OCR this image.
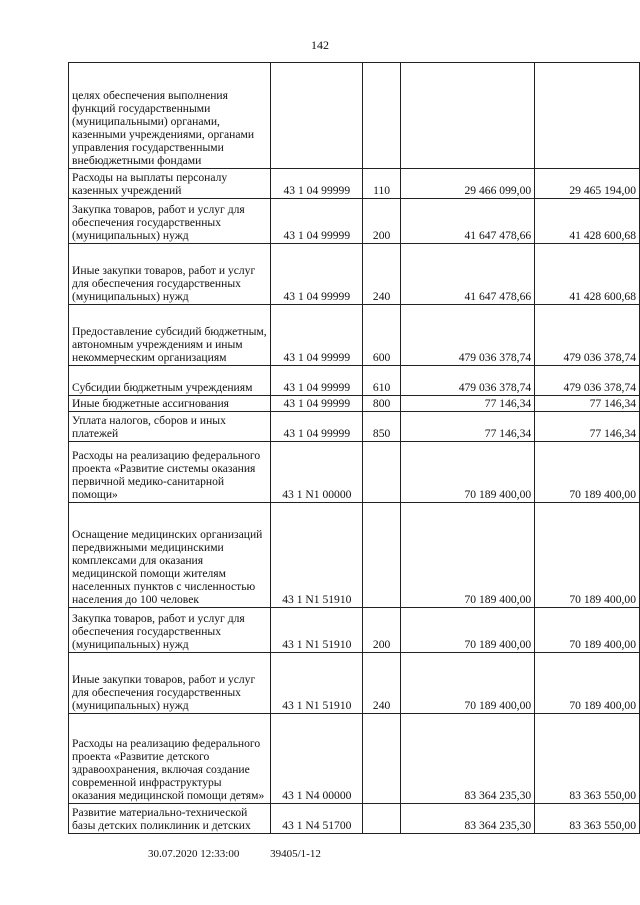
142
целях обеспечения выполнения функций государственными (муниципальными) органами, казенными учреждениями, органами управления государственными внебюджетными фондами				
Расходы на выплаты персоналу казенных учреждений	43 1 04 99999	110	29 466 099,00	29 465 194,00
Закупка товаров, работ и услуг для обеспечения государственных (муниципальных) нужд	43 1 04 99999	200	41 647 478,66	41 428 600,68
Иные закупки товаров, работ и услуг для обеспечения государственных (муниципальных) нужд	43 1 04 99999	240	41 647 478,66	41 428 600,68
Предоставление субсидий бюджетным, автономным учреждениям и иным некоммерческим организациям	43 1 04 99999	600	479 036 378,74	479 036 378,74
Субсидии бюджетным учреждениям	43 1 04 99999	610	479 036 378,74	479 036 378,74
Иные бюджетные ассигнования	43 1 04 99999	800	77 146,34	77 146,34
Уплата налогов, сборов и иных платежей	43 1 04 99999	850	77 146,34	77 146,34
Расходы на реализацию федерального проекта «Развитие системы оказания первичной медико-санитарной помощи»	43 1 N1 00000		70 189 400,00	70 189 400,00
Оснащение медицинских организаций передвижными медицинскими комплексами для оказания медицинской помощи жителям населенных пунктов с численностью населения до 100 человек	43 1 N1 51910		70 189 400,00	70 189 400,00
Закупка товаров, работ и услуг для обеспечения государственных (муниципальных) нужд	43 1 N1 51910	200	70 189 400,00	70 189 400,00
Иные закупки товаров, работ и услуг для обеспечения государственных (муниципальных) нужд	43 1 N1 51910	240	70 189 400,00	70 189 400,00
Расходы на реализацию федерального проекта «Развитие детского здравоохранения, включая создание современной инфраструктуры оказания медицинской помощи детям»	43 1 N4 00000		83 364 235,30	83 363 550,00
Развитие материально-технической базы детских поликлиник и детских	43 1 N4 51700		83 364 235,30	83 363 550,00
30.07.2020 12:33:00	39405/1-12
